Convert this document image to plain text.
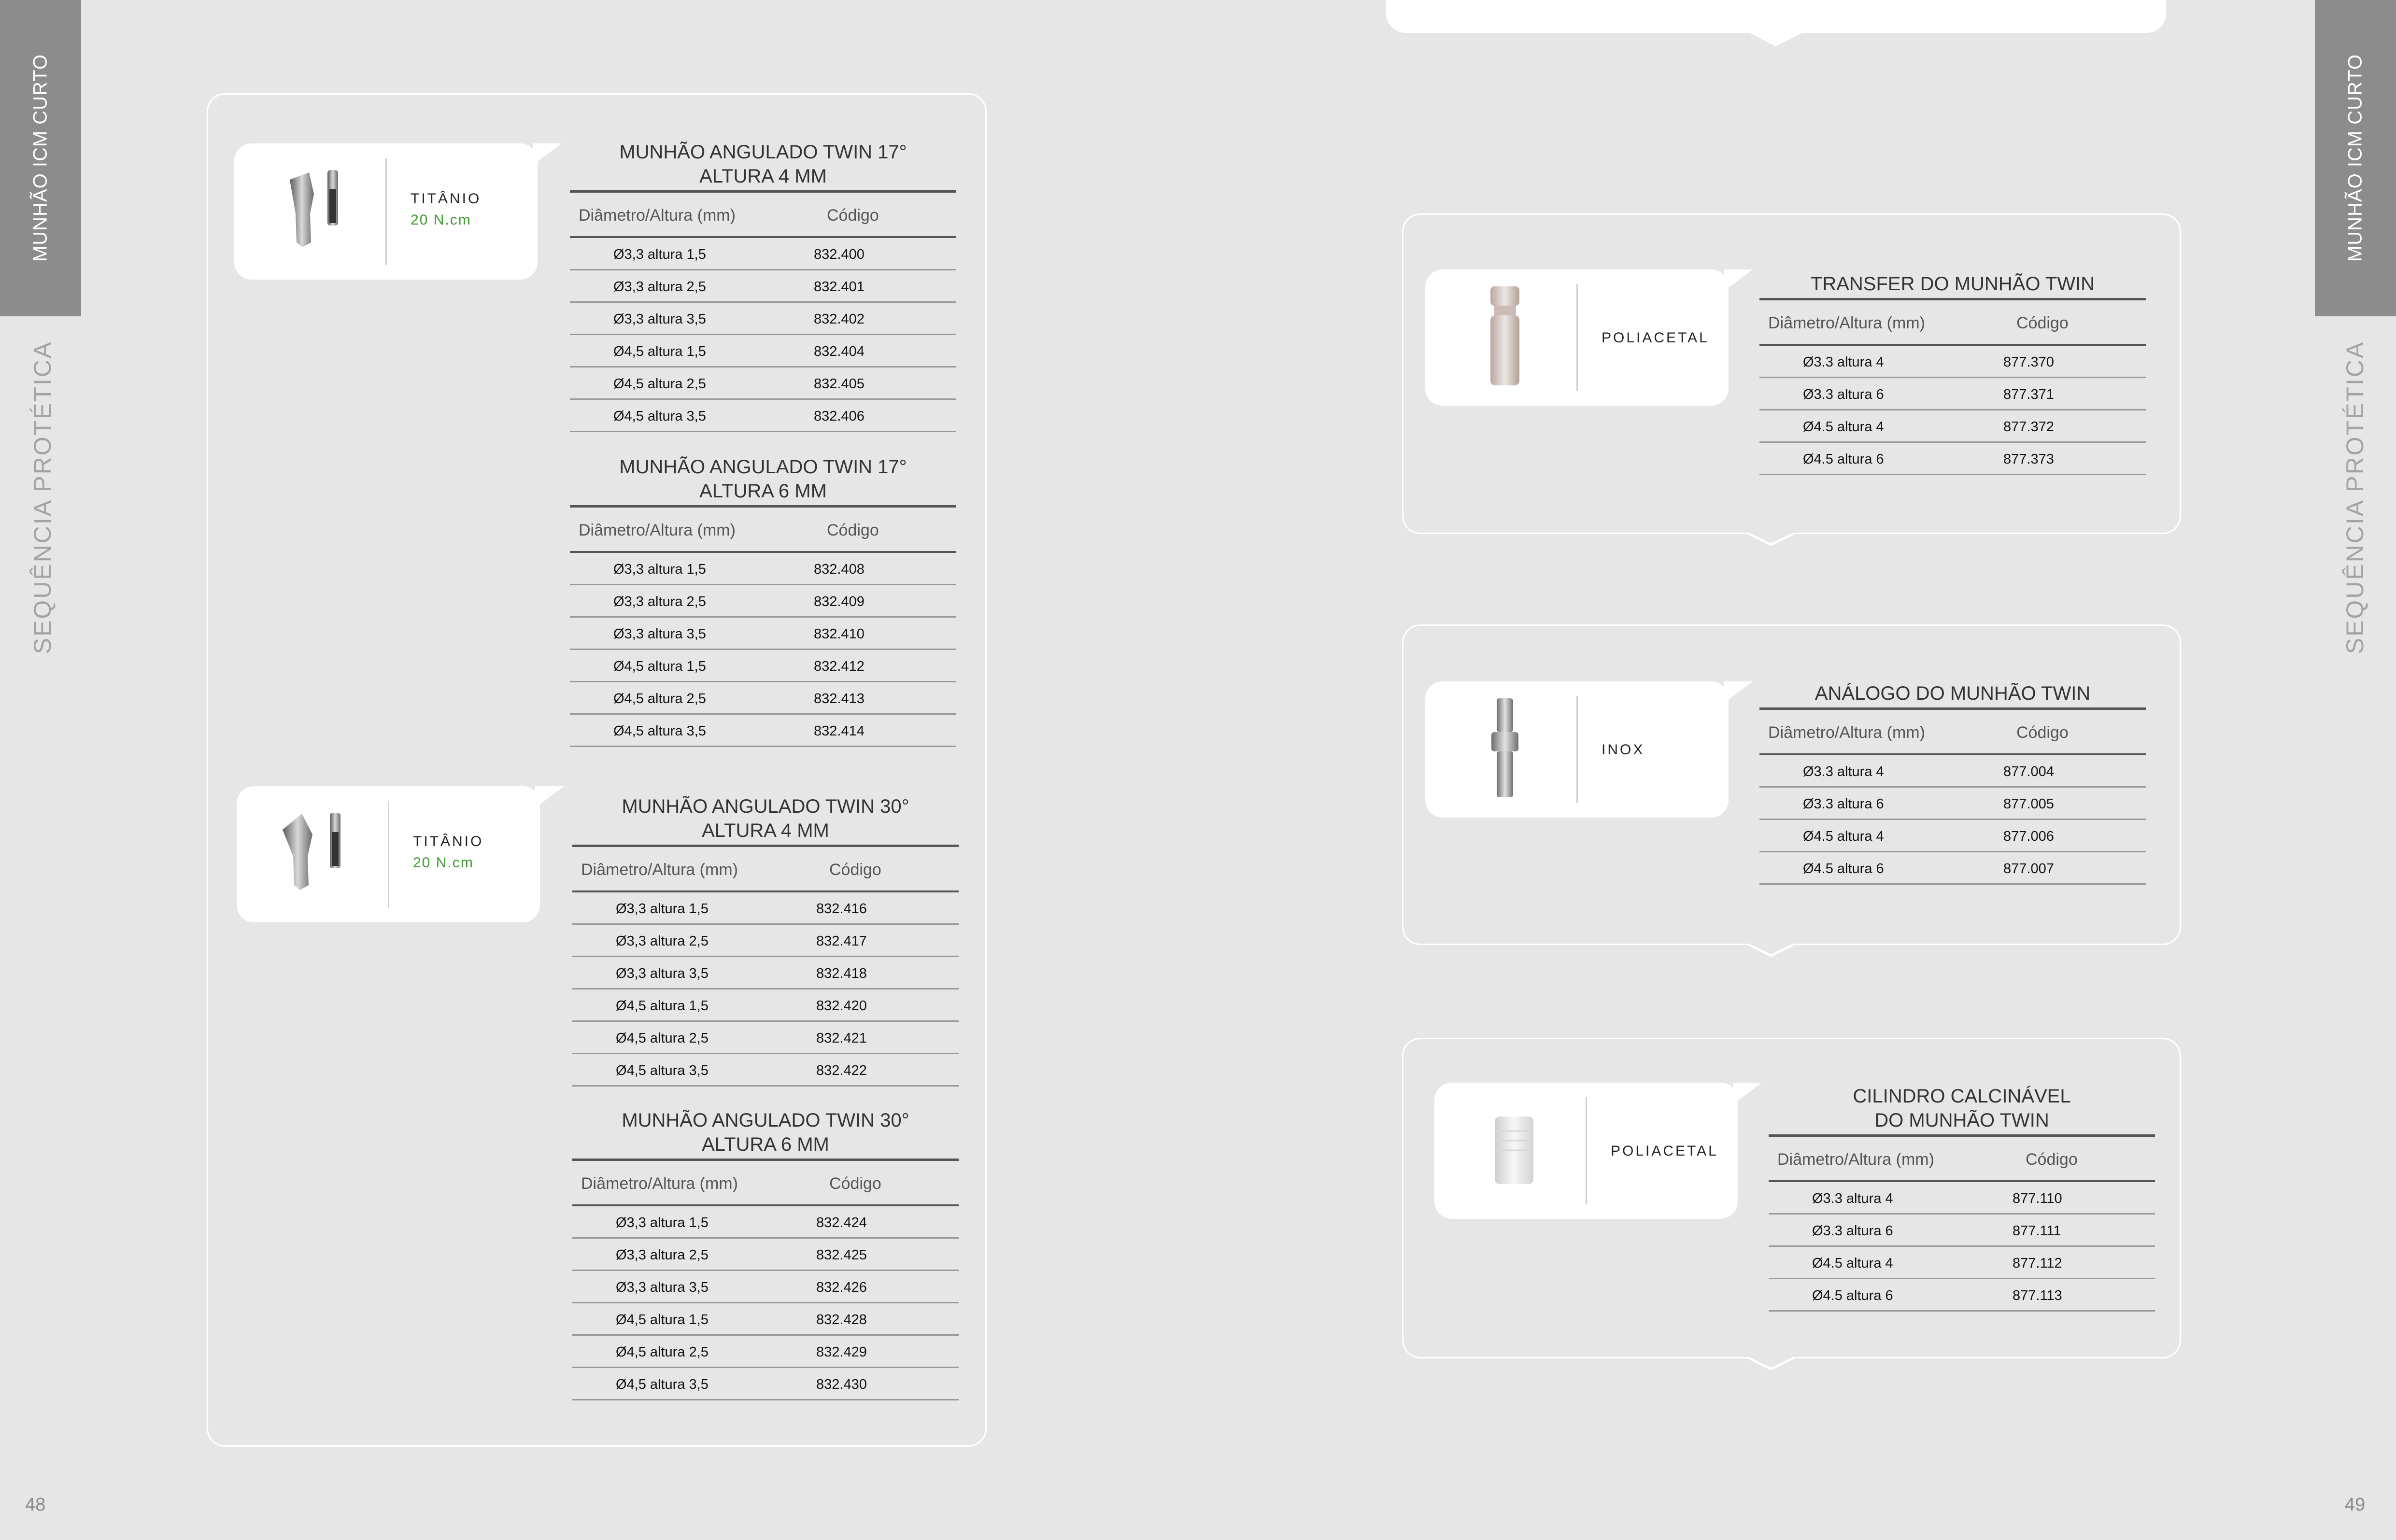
MUNHÃO ICM CURTO
SEQUÊNCIA PROTÉTICA
48
MUNHÃO ICM CURTO
SEQUÊNCIA PROTÉTICA
49
TITÂNIO
20 N.cm
TITÂNIO
20 N.cm
MUNHÃO ANGULADO TWIN 17°
ALTURA 4 MM
Diâmetro/Altura (mm)	Código
Ø3,3 altura 1,5	832.400
Ø3,3 altura 2,5	832.401
Ø3,3 altura 3,5	832.402
Ø4,5 altura 1,5	832.404
Ø4,5 altura 2,5	832.405
Ø4,5 altura 3,5	832.406
MUNHÃO ANGULADO TWIN 17°
ALTURA 6 MM
Diâmetro/Altura (mm)	Código
Ø3,3 altura 1,5	832.408
Ø3,3 altura 2,5	832.409
Ø3,3 altura 3,5	832.410
Ø4,5 altura 1,5	832.412
Ø4,5 altura 2,5	832.413
Ø4,5 altura 3,5	832.414
MUNHÃO ANGULADO TWIN 30°
ALTURA 4 MM
Diâmetro/Altura (mm)	Código
Ø3,3 altura 1,5	832.416
Ø3,3 altura 2,5	832.417
Ø3,3 altura 3,5	832.418
Ø4,5 altura 1,5	832.420
Ø4,5 altura 2,5	832.421
Ø4,5 altura 3,5	832.422
MUNHÃO ANGULADO TWIN 30°
ALTURA 6 MM
Diâmetro/Altura (mm)	Código
Ø3,3 altura 1,5	832.424
Ø3,3 altura 2,5	832.425
Ø3,3 altura 3,5	832.426
Ø4,5 altura 1,5	832.428
Ø4,5 altura 2,5	832.429
Ø4,5 altura 3,5	832.430
POLIACETAL
INOX
POLIACETAL
TRANSFER DO MUNHÃO TWIN
Diâmetro/Altura (mm)	Código
Ø3.3 altura 4	877.370
Ø3.3 altura 6	877.371
Ø4.5 altura 4	877.372
Ø4.5 altura 6	877.373
ANÁLOGO DO MUNHÃO TWIN
Diâmetro/Altura (mm)	Código
Ø3.3 altura 4	877.004
Ø3.3 altura 6	877.005
Ø4.5 altura 4	877.006
Ø4.5 altura 6	877.007
CILINDRO CALCINÁVEL
DO MUNHÃO TWIN
Diâmetro/Altura (mm)	Código
Ø3.3 altura 4	877.110
Ø3.3 altura 6	877.111
Ø4.5 altura 4	877.112
Ø4.5 altura 6	877.113
